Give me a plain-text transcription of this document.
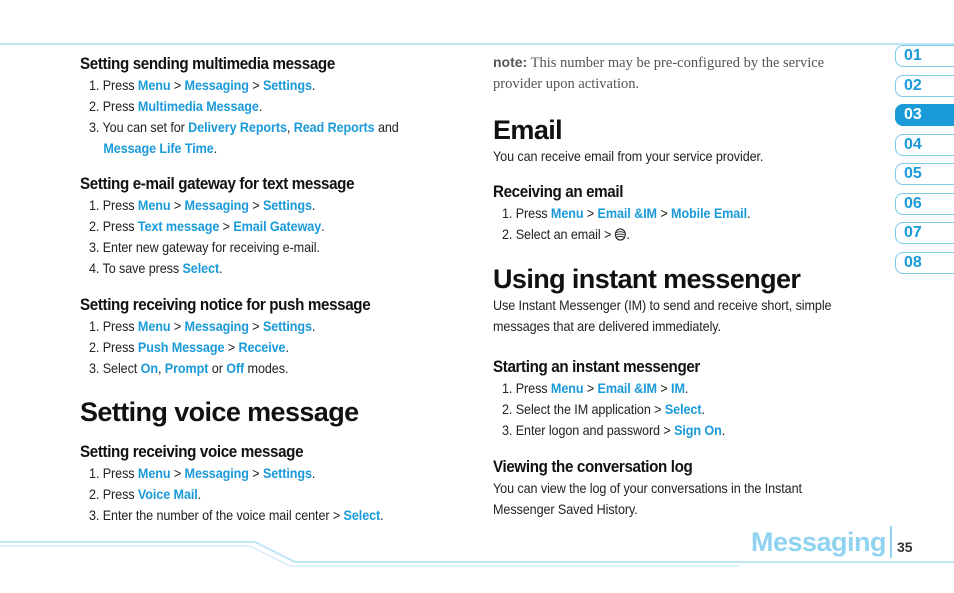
Setting sending multimedia message
1. Press Menu > Messaging > Settings.
2. Press Multimedia Message.
3. You can set for Delivery Reports, Read Reports and
Message Life Time.
Setting e-mail gateway for text message
1. Press Menu > Messaging > Settings.
2. Press Text message > Email Gateway.
3. Enter new gateway for receiving e-mail.
4. To save press Select.
Setting receiving notice for push message
1. Press Menu > Messaging > Settings.
2. Press Push Message > Receive.
3. Select On, Prompt or Off modes.
Setting voice message
Setting receiving voice message
1. Press Menu > Messaging > Settings.
2. Press Voice Mail.
3. Enter the number of the voice mail center > Select.
note: This number may be pre-configured by the service
provider upon activation.
Email
You can receive email from your service provider.
Receiving an email
1. Press Menu > Email &IM > Mobile Email.
2. Select an email > .
Using instant messenger
Use Instant Messenger (IM) to send and receive short, simple
messages that are delivered immediately.
Starting an instant messenger
1. Press Menu > Email &IM > IM.
2. Select the IM application > Select.
3. Enter logon and password > Sign On.
Viewing the conversation log
You can view the log of your conversations in the Instant
Messenger Saved History.
01
02
03
04
05
06
07
08
Messaging 35
